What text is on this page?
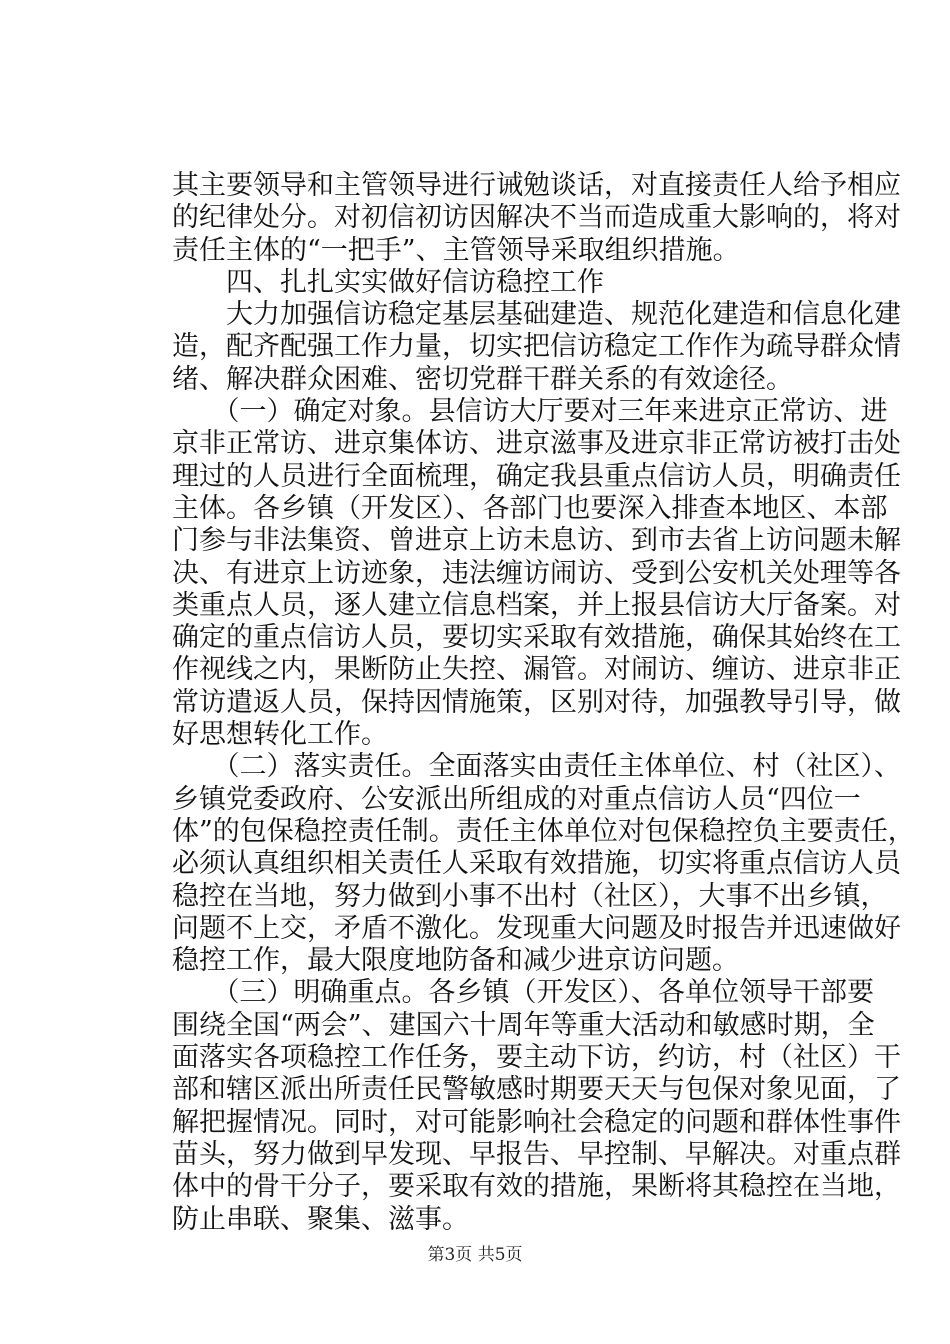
其主要领导和主管领导进行诫勉谈话，对直接责任人给予相应
的纪律处分。对初信初访因解决不当而造成重大影响的，将对
责任主体的“一把手”、主管领导采取组织措施。
　　四、扎扎实实做好信访稳控工作
　　大力加强信访稳定基层基础建造、规范化建造和信息化建
造，配齐配强工作力量，切实把信访稳定工作作为疏导群众情
绪、解决群众困难、密切党群干群关系的有效途径。
　　（一）确定对象。县信访大厅要对三年来进京正常访、进
京非正常访、进京集体访、进京滋事及进京非正常访被打击处
理过的人员进行全面梳理，确定我县重点信访人员，明确责任
主体。各乡镇（开发区）、各部门也要深入排查本地区、本部
门参与非法集资、曾进京上访未息访、到市去省上访问题未解
决、有进京上访迹象，违法缠访闹访、受到公安机关处理等各
类重点人员，逐人建立信息档案，并上报县信访大厅备案。对
确定的重点信访人员，要切实采取有效措施，确保其始终在工
作视线之内，果断防止失控、漏管。对闹访、缠访、进京非正
常访遣返人员，保持因情施策，区别对待，加强教导引导，做
好思想转化工作。
　　（二）落实责任。全面落实由责任主体单位、村（社区）、
乡镇党委政府、公安派出所组成的对重点信访人员“四位一
体”的包保稳控责任制。责任主体单位对包保稳控负主要责任，
必须认真组织相关责任人采取有效措施，切实将重点信访人员
稳控在当地，努力做到小事不出村（社区），大事不出乡镇，
问题不上交，矛盾不激化。发现重大问题及时报告并迅速做好
稳控工作，最大限度地防备和减少进京访问题。
　　（三）明确重点。各乡镇（开发区）、各单位领导干部要
围绕全国“两会”、建国六十周年等重大活动和敏感时期，全
面落实各项稳控工作任务，要主动下访，约访，村（社区）干
部和辖区派出所责任民警敏感时期要天天与包保对象见面，了
解把握情况。同时，对可能影响社会稳定的问题和群体性事件
苗头，努力做到早发现、早报告、早控制、早解决。对重点群
体中的骨干分子，要采取有效的措施，果断将其稳控在当地，
防止串联、聚集、滋事。
第3页 共5页
